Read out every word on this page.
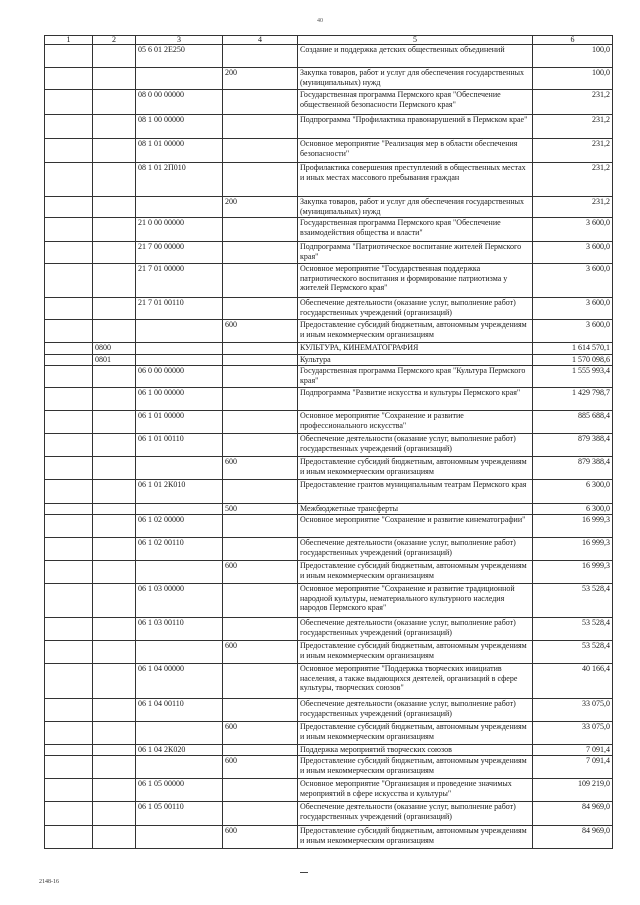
40
1	2	3	4	5	6
		05 6 01 2Е250		Создание и поддержка детских общественных объединений	100,0
			200	Закупка товаров, работ и услуг для обеспечения государственных (муниципальных) нужд	100,0
		08 0 00 00000		Государственная программа Пермского края "Обеспечение общественной безопасности Пермского края"	231,2
		08 1 00 00000		Подпрограмма "Профилактика правонарушений в Пермском крае"	231,2
		08 1 01 00000		Основное мероприятие "Реализация мер в области обеспечения безопасности"	231,2
		08 1 01 2П010		Профилактика совершения преступлений в общественных местах и иных местах массового пребывания граждан	231,2
			200	Закупка товаров, работ и услуг для обеспечения государственных (муниципальных) нужд	231,2
		21 0 00 00000		Государственная программа Пермского края "Обеспечение взаимодействия общества и власти"	3 600,0
		21 7 00 00000		Подпрограмма "Патриотическое воспитание жителей Пермского края"	3 600,0
		21 7 01 00000		Основное мероприятие "Государственная поддержка патриотического воспитания и формирование патриотизма у жителей Пермского края"	3 600,0
		21 7 01 00110		Обеспечение деятельности (оказание услуг, выполнение работ) государственных учреждений (организаций)	3 600,0
			600	Предоставление субсидий бюджетным, автономным учреждениям и иным некоммерческим организациям	3 600,0
	0800			КУЛЬТУРА, КИНЕМАТОГРАФИЯ	1 614 570,1
	0801			Культура	1 570 098,6
		06 0 00 00000		Государственная программа Пермского края "Культура Пермского края"	1 555 993,4
		06 1 00 00000		Подпрограмма "Развитие искусства и культуры Пермского края"	1 429 798,7
		06 1 01 00000		Основное мероприятие "Сохранение и развитие профессионального искусства"	885 688,4
		06 1 01 00110		Обеспечение деятельности (оказание услуг, выполнение работ) государственных учреждений (организаций)	879 388,4
			600	Предоставление субсидий бюджетным, автономным учреждениям и иным некоммерческим организациям	879 388,4
		06 1 01 2К010		Предоставление грантов муниципальным театрам Пермского края	6 300,0
			500	Межбюджетные трансферты	6 300,0
		06 1 02 00000		Основное мероприятие "Сохранение и развитие кинематографии"	16 999,3
		06 1 02 00110		Обеспечение деятельности (оказание услуг, выполнение работ) государственных учреждений (организаций)	16 999,3
			600	Предоставление субсидий бюджетным, автономным учреждениям и иным некоммерческим организациям	16 999,3
		06 1 03 00000		Основное мероприятие "Сохранение и развитие традиционной народной культуры, нематериального культурного наследия народов Пермского края"	53 528,4
		06 1 03 00110		Обеспечение деятельности (оказание услуг, выполнение работ) государственных учреждений (организаций)	53 528,4
			600	Предоставление субсидий бюджетным, автономным учреждениям и иным некоммерческим организациям	53 528,4
		06 1 04 00000		Основное мероприятие "Поддержка творческих инициатив населения, а также выдающихся деятелей, организаций в сфере культуры, творческих союзов"	40 166,4
		06 1 04 00110		Обеспечение деятельности (оказание услуг, выполнение работ) государственных учреждений (организаций)	33 075,0
			600	Предоставление субсидий бюджетным, автономным учреждениям и иным некоммерческим организациям	33 075,0
		06 1 04 2К020		Поддержка мероприятий творческих союзов	7 091,4
			600	Предоставление субсидий бюджетным, автономным учреждениям и иным некоммерческим организациям	7 091,4
		06 1 05 00000		Основное мероприятие "Организация и проведение значимых мероприятий в сфере искусства и культуры"	109 219,0
		06 1 05 00110		Обеспечение деятельности (оказание услуг, выполнение работ) государственных учреждений (организаций)	84 969,0
			600	Предоставление субсидий бюджетным, автономным учреждениям и иным некоммерческим организациям	84 969,0
2148-16
